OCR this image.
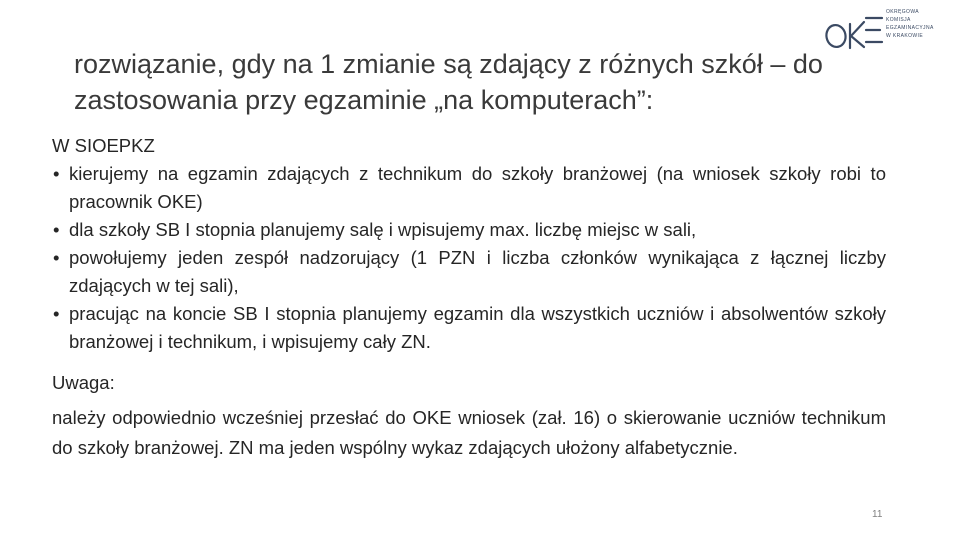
OKRĘGOWA
KOMISJA
EGZAMINACYJNA
W KRAKOWIE
rozwiązanie, gdy na 1 zmianie są zdający z różnych szkół – do
zastosowania przy egzaminie „na komputerach”:

W SIOEPKZ

• kierujemy na egzamin zdających z technikum do szkoły branżowej (na wniosek szkoły robi to pracownik OKE)
• dla szkoły SB I stopnia planujemy salę i wpisujemy max. liczbę miejsc w sali,
• powołujemy jeden zespół nadzorujący (1 PZN i liczba członków wynikająca z łącznej liczby zdających w tej sali),
• pracując na koncie SB I stopnia planujemy egzamin dla wszystkich uczniów i absolwentów szkoły branżowej i technikum, i wpisujemy cały ZN.

Uwaga:

należy odpowiednio wcześniej przesłać do OKE wniosek (zał. 16) o skierowanie uczniów technikum do szkoły branżowej. ZN ma jeden wspólny wykaz zdających ułożony alfabetycznie.

11
